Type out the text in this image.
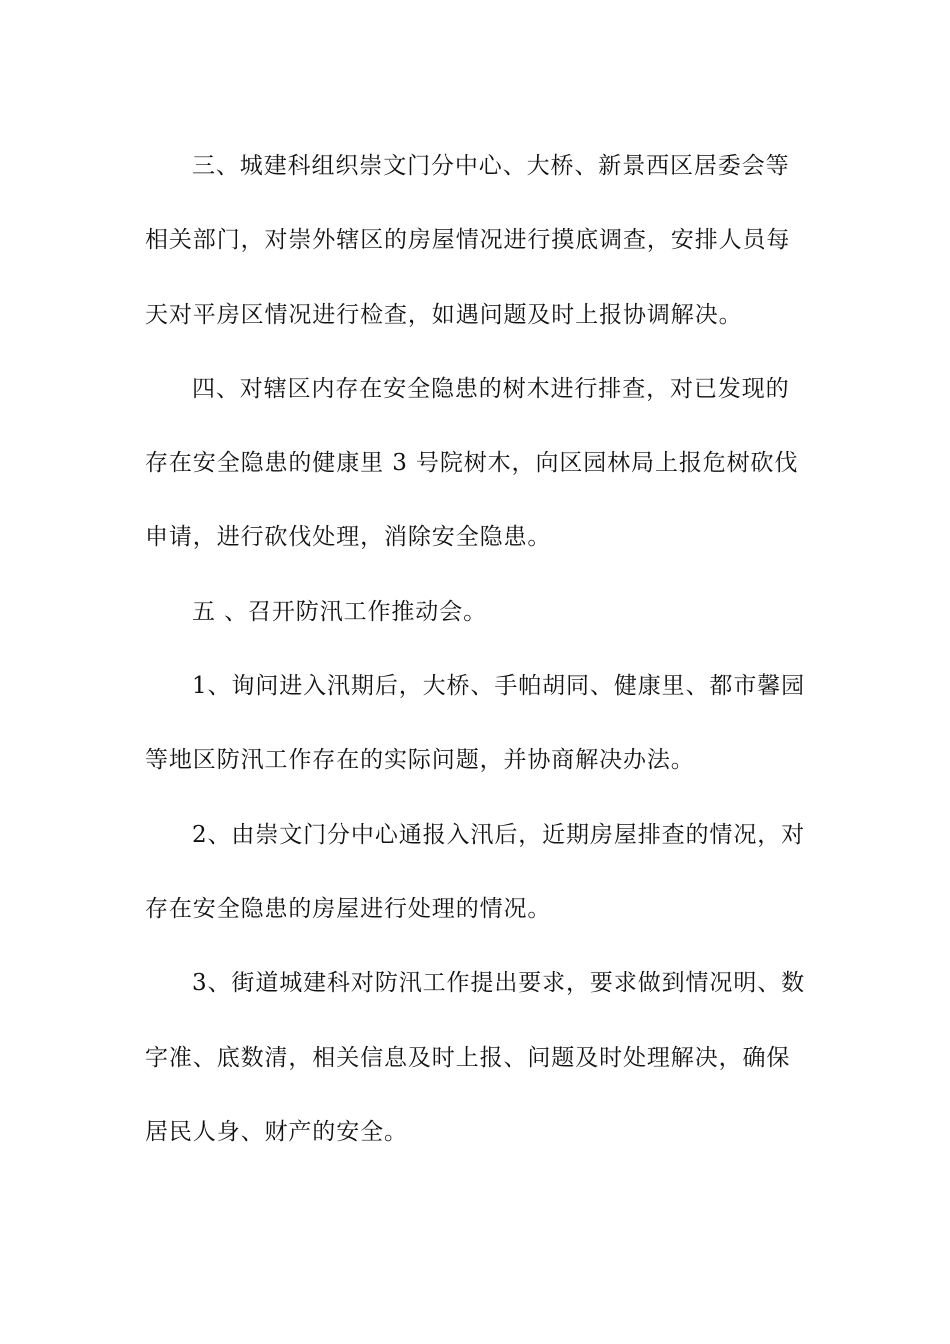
三、城建科组织崇文门分中心、大桥、新景西区居委会等
相关部门，对崇外辖区的房屋情况进行摸底调查，安排人员每
天对平房区情况进行检查，如遇问题及时上报协调解决。
四、对辖区内存在安全隐患的树木进行排查，对已发现的
存在安全隐患的健康里 3 号院树木，向区园林局上报危树砍伐
申请，进行砍伐处理，消除安全隐患。
五 、召开防汛工作推动会。
1、询问进入汛期后，大桥、手帕胡同、健康里、都市馨园
等地区防汛工作存在的实际问题，并协商解决办法。
2、由崇文门分中心通报入汛后，近期房屋排查的情况，对
存在安全隐患的房屋进行处理的情况。
3、街道城建科对防汛工作提出要求，要求做到情况明、数
字准、底数清，相关信息及时上报、问题及时处理解决，确保
居民人身、财产的安全。
